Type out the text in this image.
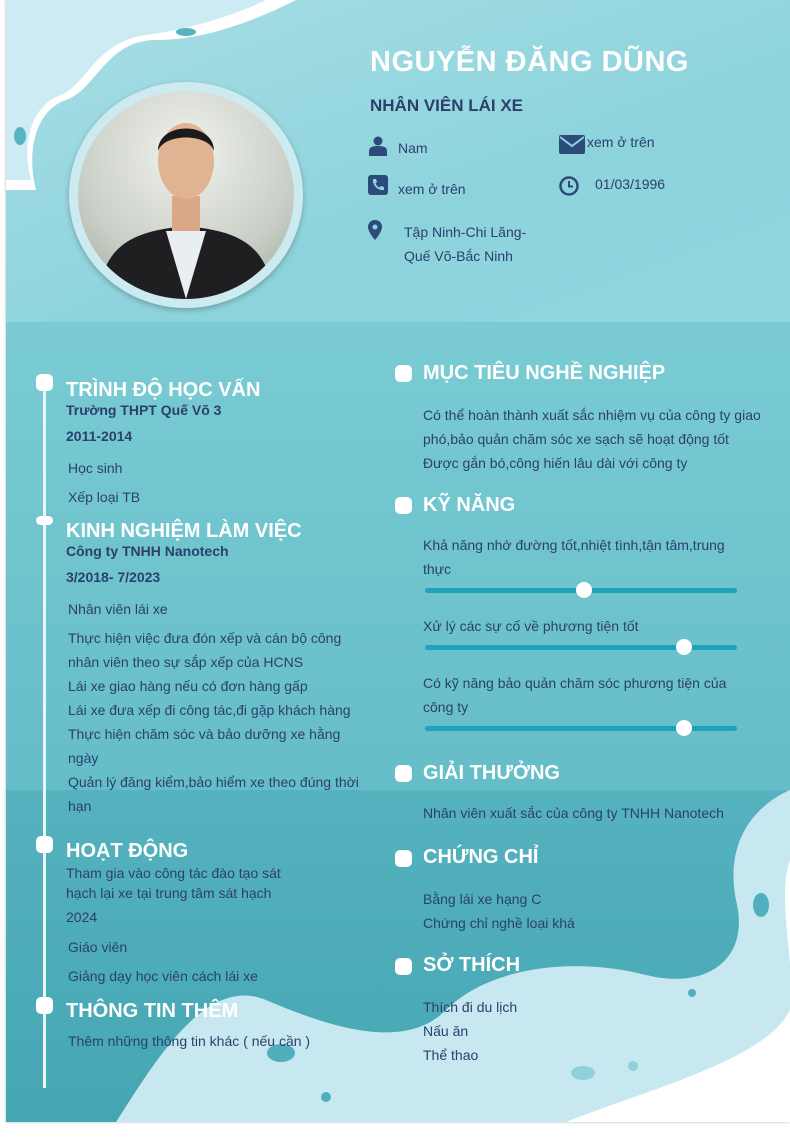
NGUYỄN ĐĂNG DŨNG
NHÂN VIÊN LÁI XE
Nam	xem ở trên
xem ở trên	01/03/1996
Tập Ninh-Chi Lăng-
Quế Võ-Bắc Ninh
TRÌNH ĐỘ HỌC VẤN
Trường THPT Quế Võ 3
2011-2014
Học sinh
Xếp loại TB
KINH NGHIỆM LÀM VIỆC
Công ty TNHH Nanotech
3/2018- 7/2023
Nhân viên lái xe
Thực hiện việc đưa đón xếp và cán bộ công
nhân viên theo sự sắp xếp của HCNS
Lái xe giao hàng nếu có đơn hàng gấp
Lái xe đưa xếp đi công tác,đi gặp khách hàng
Thực hiện chăm sóc và bảo dưỡng xe hằng
ngày
Quản lý đăng kiểm,bảo hiểm xe theo đúng thời
hạn
HOẠT ĐỘNG
Tham gia vào công tác đào tạo sát
hạch lại xe tại trung tâm sát hạch
2024
Giáo viên
Giảng dạy học viên cách lái xe
THÔNG TIN THÊM
Thêm những thông tin khác ( nếu cần )
MỤC TIÊU NGHỀ NGHIỆP
Có thể hoàn thành xuất sắc nhiệm vụ của công ty giao
phó,bảo quản chăm sóc xe sạch sẽ hoạt động tốt
Được gắn bó,công hiến lâu dài với công ty
KỸ NĂNG
Khả năng nhớ đường tốt,nhiệt tình,tận tâm,trung
thực
Xử lý các sự cố về phương tiện tốt
Có kỹ năng bảo quản chăm sóc phương tiện của
công ty
GIẢI THƯỞNG
Nhân viên xuất sắc của công ty TNHH Nanotech
CHỨNG CHỈ
Bằng lái xe hạng C
Chứng chỉ nghề loại khá
SỞ THÍCH
Thích đi du lịch
Nấu ăn
Thể thao
